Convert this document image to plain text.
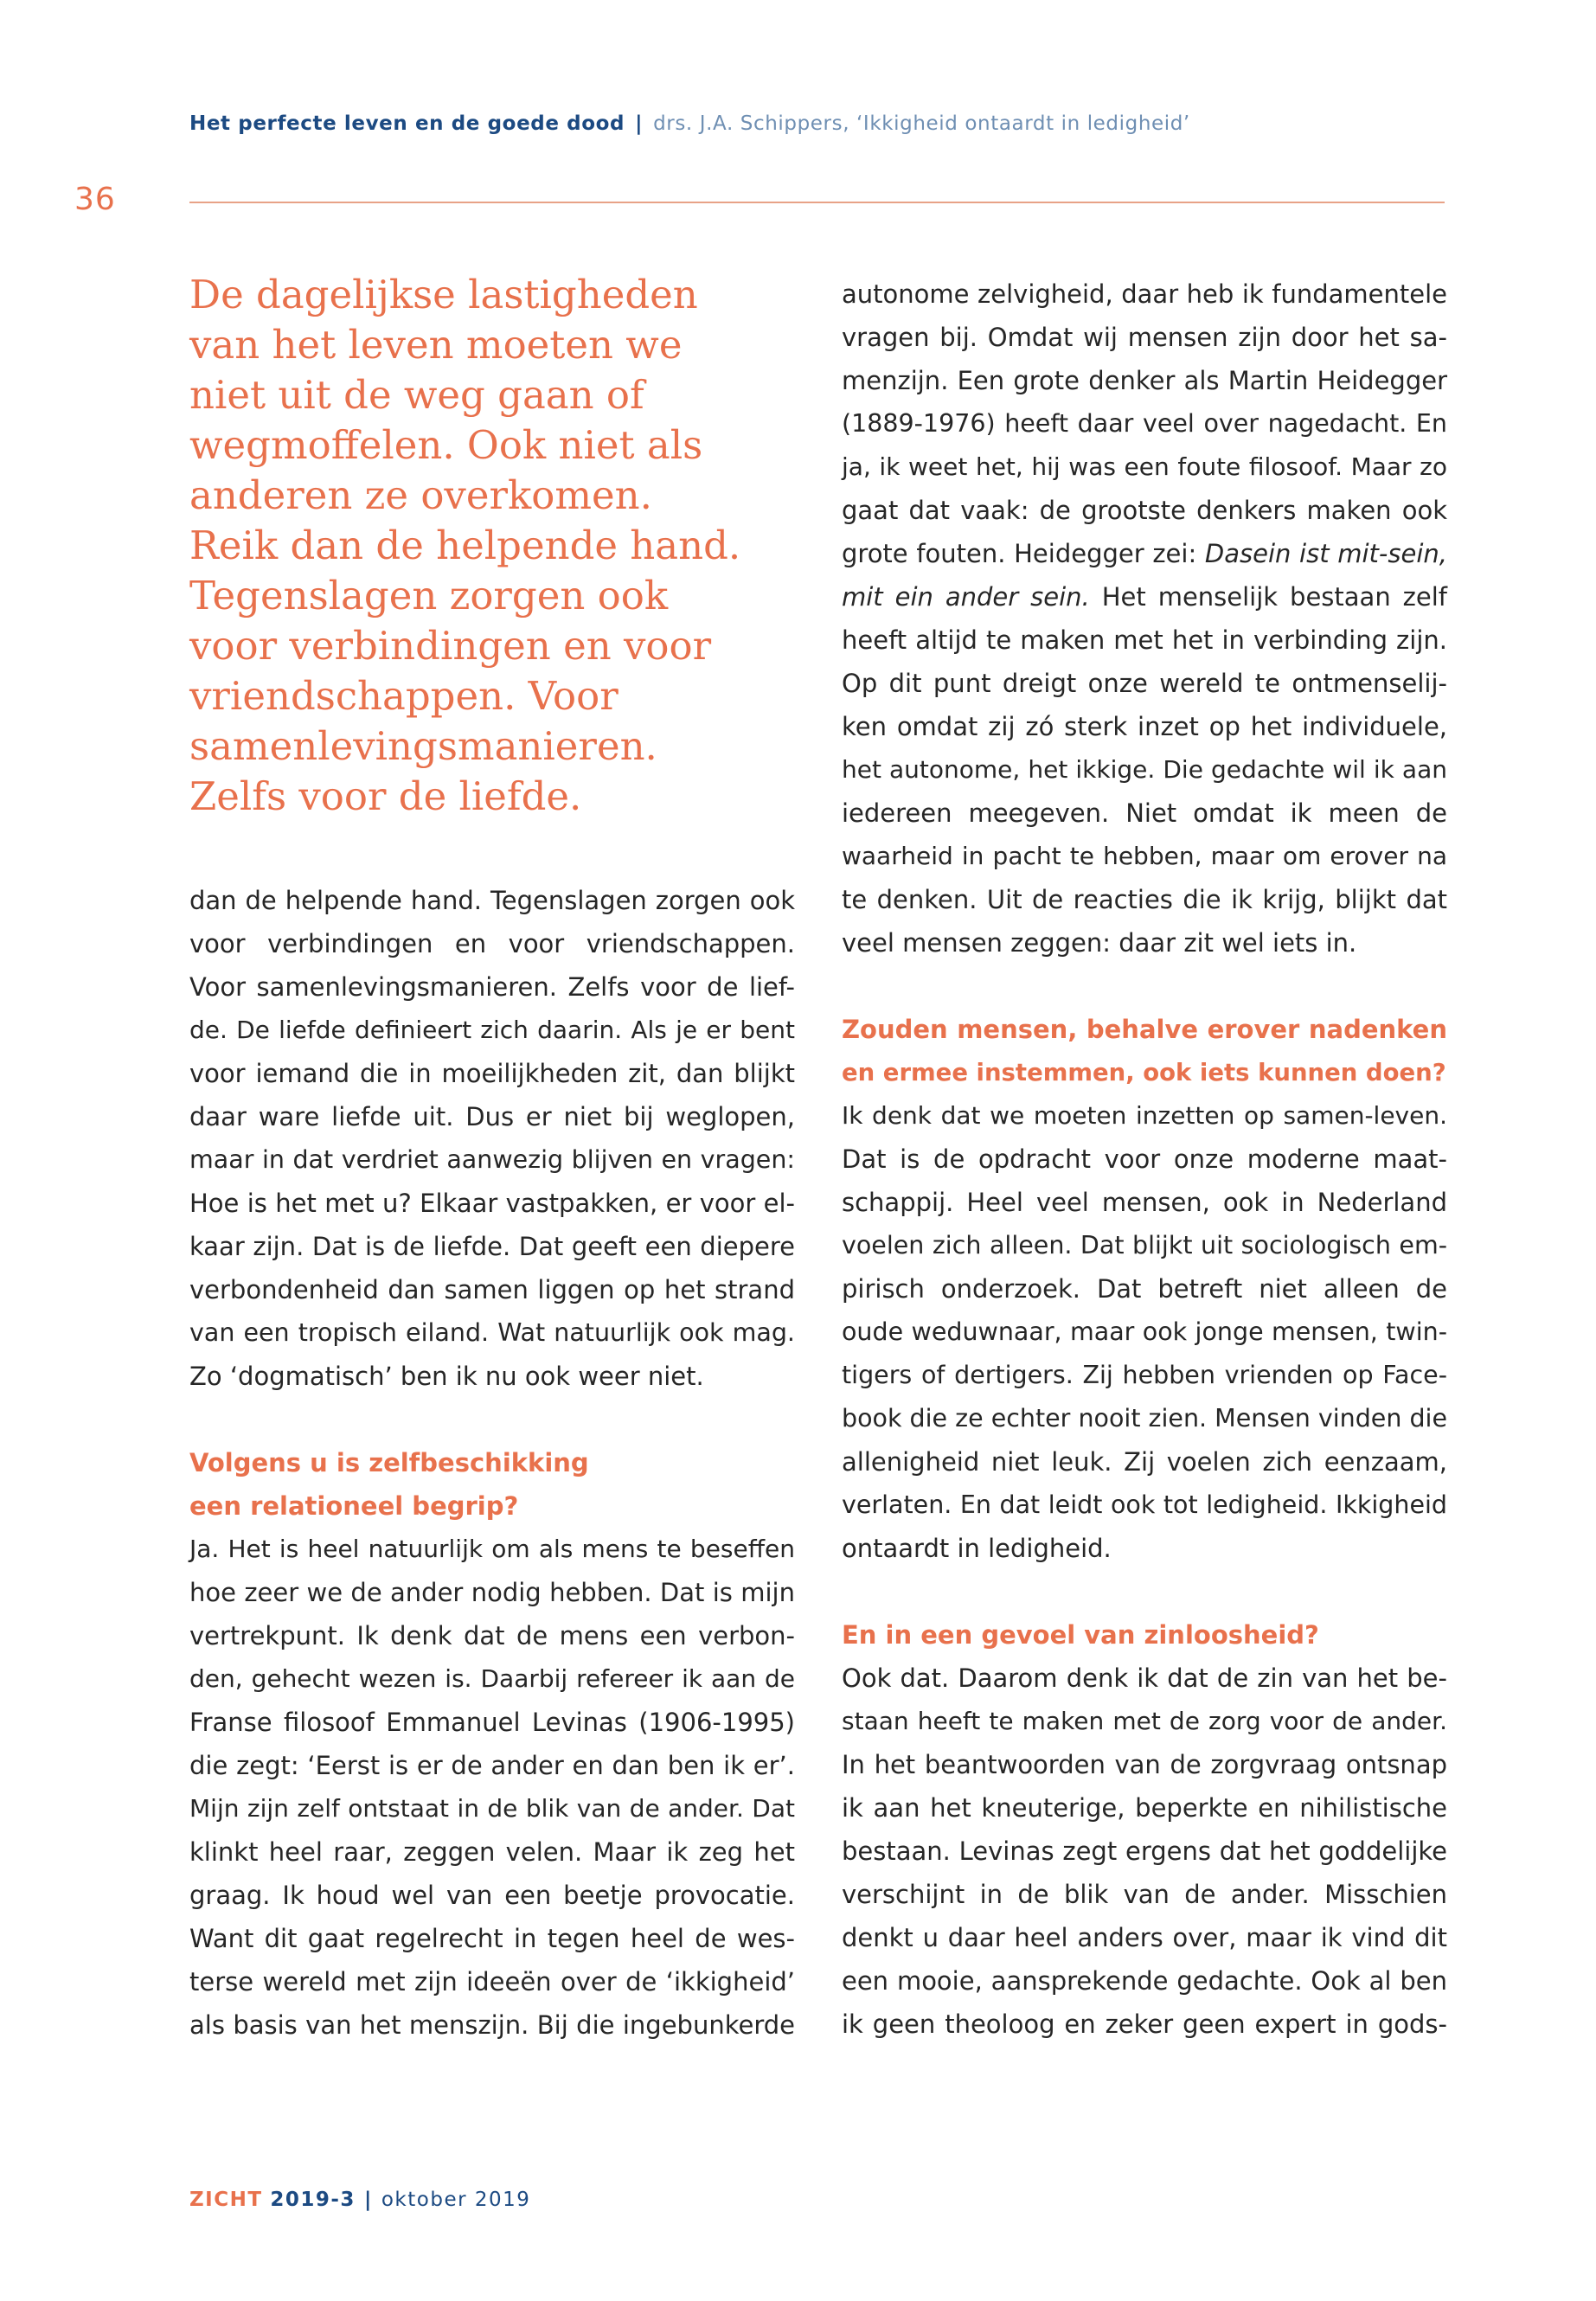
Het perfecte leven en de goede dood | drs. J.A. Schippers, ‘Ikkigheid ontaardt in ledigheid’
36
De dagelijkse lastigheden
van het leven moeten we
niet uit de weg gaan of
wegmoffelen. Ook niet als
anderen ze overkomen.
Reik dan de helpende hand.
Tegenslagen zorgen ook
voor verbindingen en voor
vriendschappen. Voor
samenlevingsmanieren.
Zelfs voor de liefde.
dan de helpende hand. Tegenslagen zorgen ook
voor verbindingen en voor vriendschappen.
Voor samenlevingsmanieren. Zelfs voor de lief-
de. De liefde definieert zich daarin. Als je er bent
voor iemand die in moeilijkheden zit, dan blijkt
daar ware liefde uit. Dus er niet bij weglopen,
maar in dat verdriet aanwezig blijven en vragen:
Hoe is het met u? Elkaar vastpakken, er voor el-
kaar zijn. Dat is de liefde. Dat geeft een diepere
verbondenheid dan samen liggen op het strand
van een tropisch eiland. Wat natuurlijk ook mag.
Zo ‘dogmatisch’ ben ik nu ook weer niet.
Volgens u is zelfbeschikking
een relationeel begrip?
Ja. Het is heel natuurlijk om als mens te beseffen
hoe zeer we de ander nodig hebben. Dat is mijn
vertrekpunt. Ik denk dat de mens een verbon-
den, gehecht wezen is. Daarbij refereer ik aan de
Franse filosoof Emmanuel Levinas (1906-1995)
die zegt: ‘Eerst is er de ander en dan ben ik er’.
Mijn zijn zelf ontstaat in de blik van de ander. Dat
klinkt heel raar, zeggen velen. Maar ik zeg het
graag. Ik houd wel van een beetje provocatie.
Want dit gaat regelrecht in tegen heel de wes-
terse wereld met zijn ideeën over de ‘ikkigheid’
als basis van het menszijn. Bij die ingebunkerde
autonome zelvigheid, daar heb ik fundamentele
vragen bij. Omdat wij mensen zijn door het sa-
menzijn. Een grote denker als Martin Heidegger
(1889-1976) heeft daar veel over nagedacht. En
ja, ik weet het, hij was een foute filosoof. Maar zo
gaat dat vaak: de grootste denkers maken ook
grote fouten. Heidegger zei: Dasein ist mit-sein,
mit ein ander sein. Het menselijk bestaan zelf
heeft altijd te maken met het in verbinding zijn.
Op dit punt dreigt onze wereld te ontmenselij-
ken omdat zij zó sterk inzet op het individuele,
het autonome, het ikkige. Die gedachte wil ik aan
iedereen meegeven. Niet omdat ik meen de
waarheid in pacht te hebben, maar om erover na
te denken. Uit de reacties die ik krijg, blijkt dat
veel mensen zeggen: daar zit wel iets in.
Zouden mensen, behalve erover nadenken
en ermee instemmen, ook iets kunnen doen?
Ik denk dat we moeten inzetten op samen-leven.
Dat is de opdracht voor onze moderne maat-
schappij. Heel veel mensen, ook in Nederland
voelen zich alleen. Dat blijkt uit sociologisch em-
pirisch onderzoek. Dat betreft niet alleen de
oude weduwnaar, maar ook jonge mensen, twin-
tigers of dertigers. Zij hebben vrienden op Face-
book die ze echter nooit zien. Mensen vinden die
allenigheid niet leuk. Zij voelen zich eenzaam,
verlaten. En dat leidt ook tot ledigheid. Ikkigheid
ontaardt in ledigheid.
En in een gevoel van zinloosheid?
Ook dat. Daarom denk ik dat de zin van het be-
staan heeft te maken met de zorg voor de ander.
In het beantwoorden van de zorgvraag ontsnap
ik aan het kneuterige, beperkte en nihilistische
bestaan. Levinas zegt ergens dat het goddelijke
verschijnt in de blik van de ander. Misschien
denkt u daar heel anders over, maar ik vind dit
een mooie, aansprekende gedachte. Ook al ben
ik geen theoloog en zeker geen expert in gods-
ZICHT 2019-3 | oktober 2019
